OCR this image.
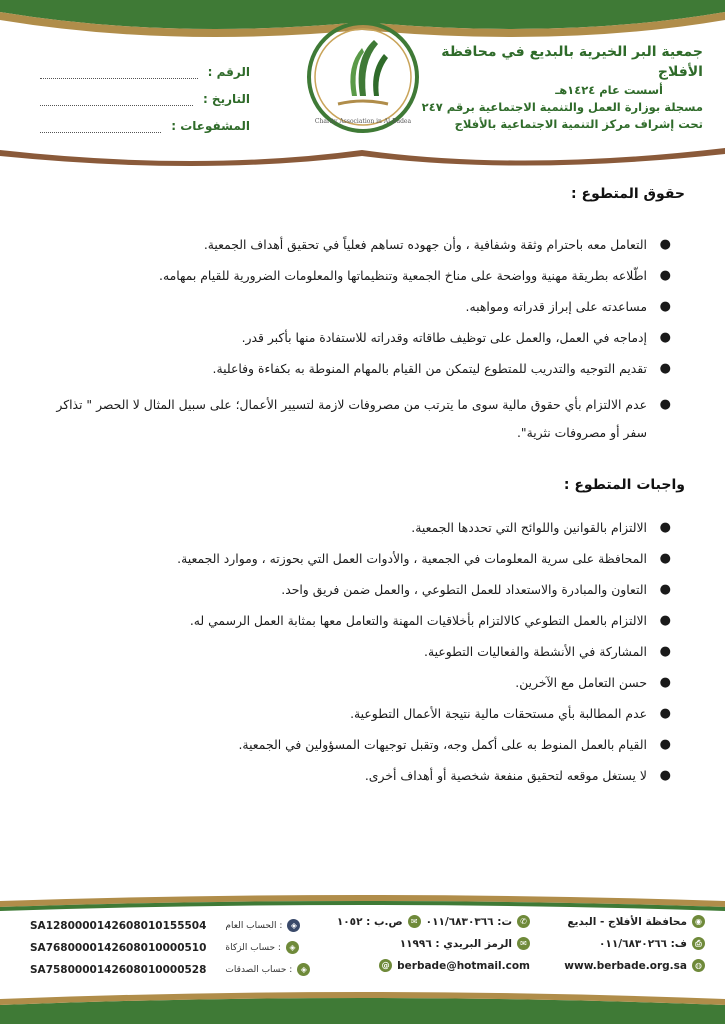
جمعية البر الخيرية بالبديع في محافظة الأفلاج
أسست عام ١٤٢٤هـ
مسجلة بوزارة العمل والتنمية الاجتماعية برقم ٢٤٧
تحت إشراف مركز التنمية الاجتماعية بالأفلاج
Charity Association in Al-Badea
الرقم :
التاريخ :
المشفوعات :
حقوق المتطوع :
●
التعامل معه باحترام وثقة وشفافية ، وأن جهوده تساهم فعلياً في تحقيق أهداف الجمعية.
●
اطّلاعه بطريقة مهنية وواضحة على مناخ الجمعية وتنظيماتها والمعلومات الضرورية للقيام بمهامه.
●
مساعدته على إبراز قدراته ومواهبه.
●
إدماجه في العمل، والعمل على توظيف طاقاته وقدراته للاستفادة منها بأكبر قدر.
●
تقديم التوجيه والتدريب للمتطوع ليتمكن من القيام بالمهام المنوطة به بكفاءة وفاعلية.
●
عدم الالتزام بأي حقوق مالية سوى ما يترتب من مصروفات لازمة لتسيير الأعمال؛ على سبيل المثال لا الحصر " تذاكر سفر أو مصروفات نثرية".
واجبات المتطوع :
●
الالتزام بالقوانين واللوائح التي تحددها الجمعية.
●
المحافظة على سرية المعلومات في الجمعية ، والأدوات العمل التي بحوزته ، وموارد الجمعية.
●
التعاون والمبادرة والاستعداد للعمل التطوعي ، والعمل ضمن فريق واحد.
●
الالتزام بالعمل التطوعي كالالتزام بأخلاقيات المهنة والتعامل معها بمثابة العمل الرسمي له.
●
المشاركة في الأنشطة والفعاليات التطوعية.
●
حسن التعامل مع الآخرين.
●
عدم المطالبة بأي مستحقات مالية نتيجة الأعمال التطوعية.
●
القيام بالعمل المنوط به على أكمل وجه، وتقبل توجيهات المسؤولين في الجمعية.
●
لا يستغل موقعه لتحقيق منفعة شخصية أو أهداف أخرى.
◉
محافظة الأفلاج - البديع
✆
ت: ٠١١/٦٨٣٠٣٦٦
✉
ص.ب : ١٠٥٢
⎙
ف: ٠١١/٦٨٣٠٢٦٦
✉
الرمز البريدي : ١١٩٩٦
www.berbade.org.sa	◍
@ berbade@hotmail.com
SA1280000142608010155504 الحساب العام :	◈
SA7680000142608010000510 حساب الزكاة :	◈
SA7580000142608010000528 حساب الصدقات :	◈
